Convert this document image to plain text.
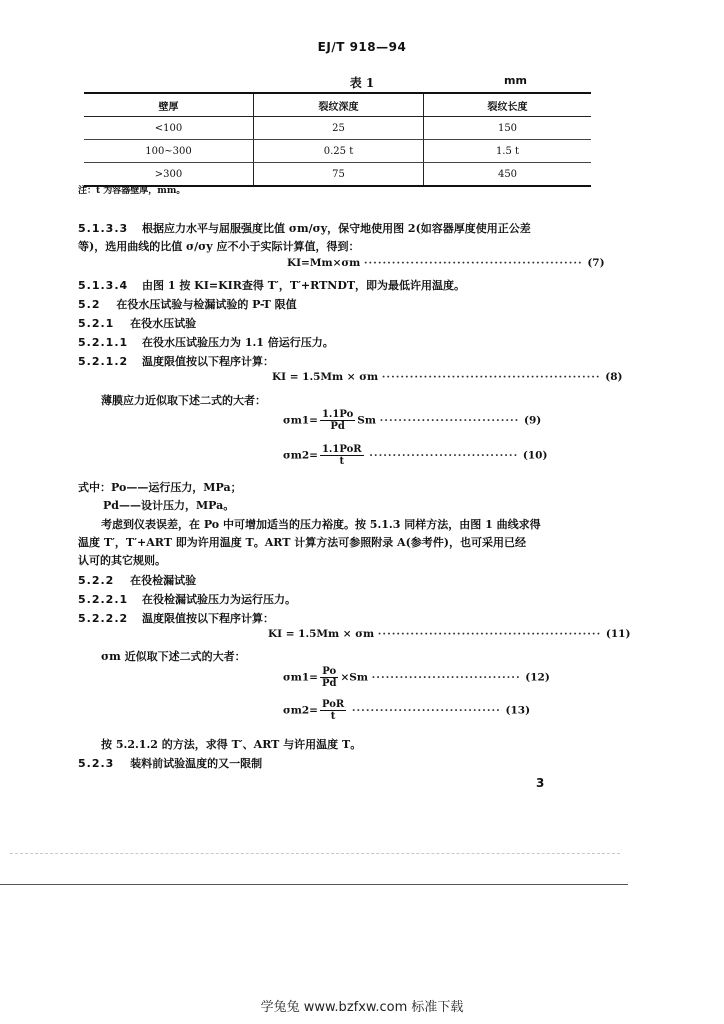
EJ/T 918—94
表 1	mm
壁厚	裂纹深度	裂纹长度
<100	25	150
100~300	0.25 t	1.5 t
>300	75	450
注：t 为容器壁厚，mm。
5.1.3.3 根据应力水平与屈服强度比值 σm/σy，保守地使用图 2(如容器厚度使用正公差
等)，选用曲线的比值 σ/σy 应不小于实际计算值，得到：
KI=Mm×σm ··············································· (7)
5.1.3.4 由图 1 按 KI=KIR查得 T′，T′+RTNDT，即为最低许用温度。
5.2 在役水压试验与检漏试验的 P-T 限值
5.2.1 在役水压试验
5.2.1.1 在役水压试验压力为 1.1 倍运行压力。
5.2.1.2 温度限值按以下程序计算：
KI = 1.5Mm × σm ··············································· (8)
薄膜应力近似取下述二式的大者：
$\sigma m1= \frac{1.1Po}{Pd}$ Sm ······························ (9)
$\sigma m2= \frac{\text{1.1PoR}}{t}$ ································ (10)
式中：Po——运行压力，MPa；
Pd——设计压力，MPa。
考虑到仪表误差，在 Po 中可增加适当的压力裕度。按 5.1.3 同样方法，由图 1 曲线求得
温度 T′，T′+ART 即为许用温度 T。ART 计算方法可参照附录 A(参考件)，也可采用已经
认可的其它规则。
5.2.2 在役检漏试验
5.2.2.1 在役检漏试验压力为运行压力。
5.2.2.2 温度限值按以下程序计算：
KI = 1.5Mm × σm ················································ (11)
σm 近似取下述二式的大者：
$\sigma m1= \frac{Po}{Pd} \times Sm$ ································ (12)
$\sigma m2= \frac{\text{PoR}}{t}$ ································ (13)
按 5.2.1.2 的方法，求得 T′、ART 与许用温度 T。
5.2.3 装料前试验温度的又一限制
3
学兔兔 www.bzfxw.com 标准下载
